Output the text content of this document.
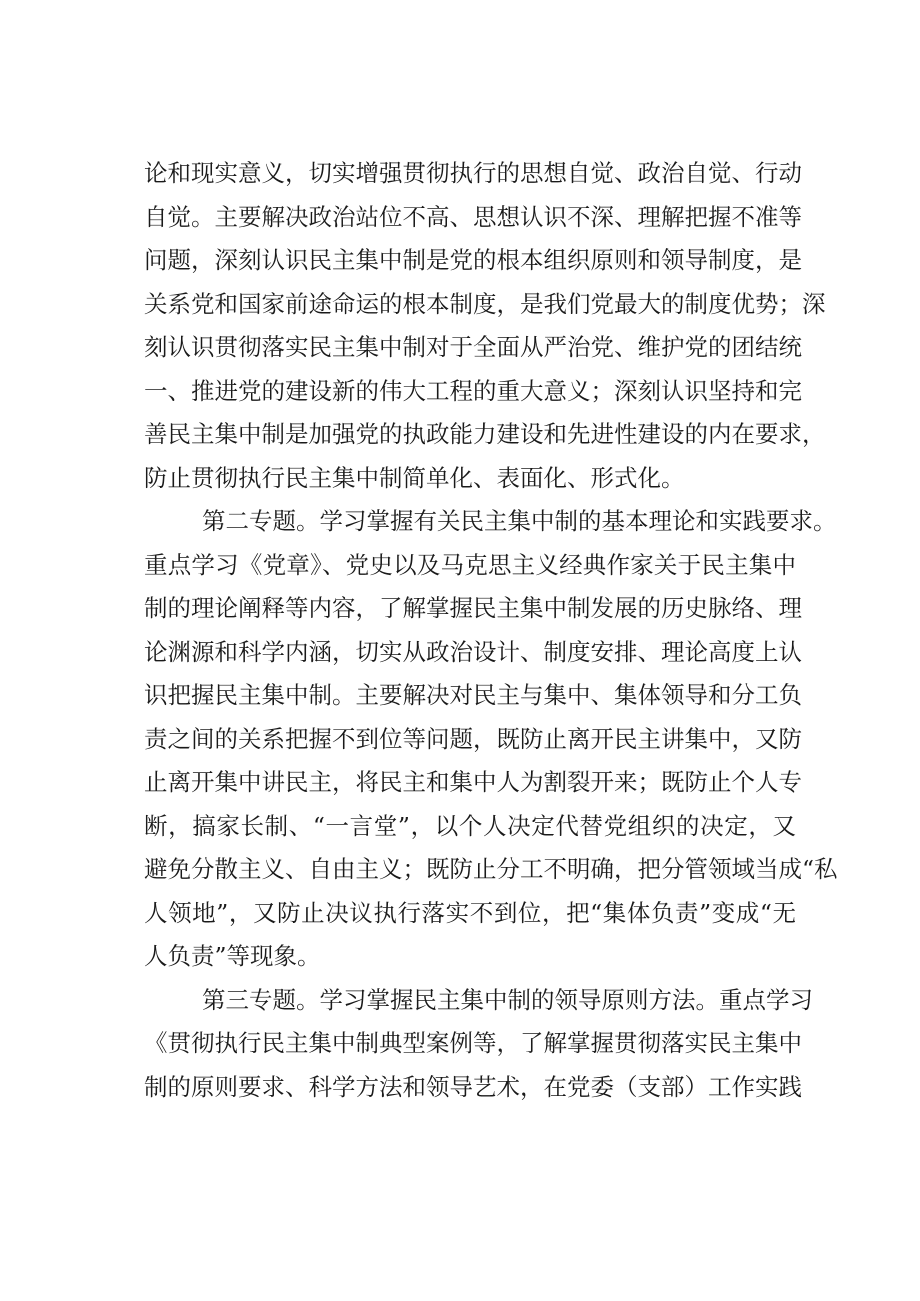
论和现实意义，切实增强贯彻执行的思想自觉、政治自觉、行动
自觉。主要解决政治站位不高、思想认识不深、理解把握不准等
问题，深刻认识民主集中制是党的根本组织原则和领导制度，是
关系党和国家前途命运的根本制度，是我们党最大的制度优势；深
刻认识贯彻落实民主集中制对于全面从严治党、维护党的团结统
一、推进党的建设新的伟大工程的重大意义；深刻认识坚持和完
善民主集中制是加强党的执政能力建设和先进性建设的内在要求，
防止贯彻执行民主集中制简单化、表面化、形式化。
第二专题。学习掌握有关民主集中制的基本理论和实践要求。
重点学习《党章》、党史以及马克思主义经典作家关于民主集中
制的理论阐释等内容，了解掌握民主集中制发展的历史脉络、理
论渊源和科学内涵，切实从政治设计、制度安排、理论高度上认
识把握民主集中制。主要解决对民主与集中、集体领导和分工负
责之间的关系把握不到位等问题，既防止离开民主讲集中，又防
止离开集中讲民主，将民主和集中人为割裂开来；既防止个人专
断，搞家长制、“一言堂”，以个人决定代替党组织的决定，又
避免分散主义、自由主义；既防止分工不明确，把分管领域当成“私
人领地”，又防止决议执行落实不到位，把“集体负责”变成“无
人负责”等现象。
第三专题。学习掌握民主集中制的领导原则方法。重点学习
《贯彻执行民主集中制典型案例等，了解掌握贯彻落实民主集中
制的原则要求、科学方法和领导艺术，在党委（支部）工作实践
